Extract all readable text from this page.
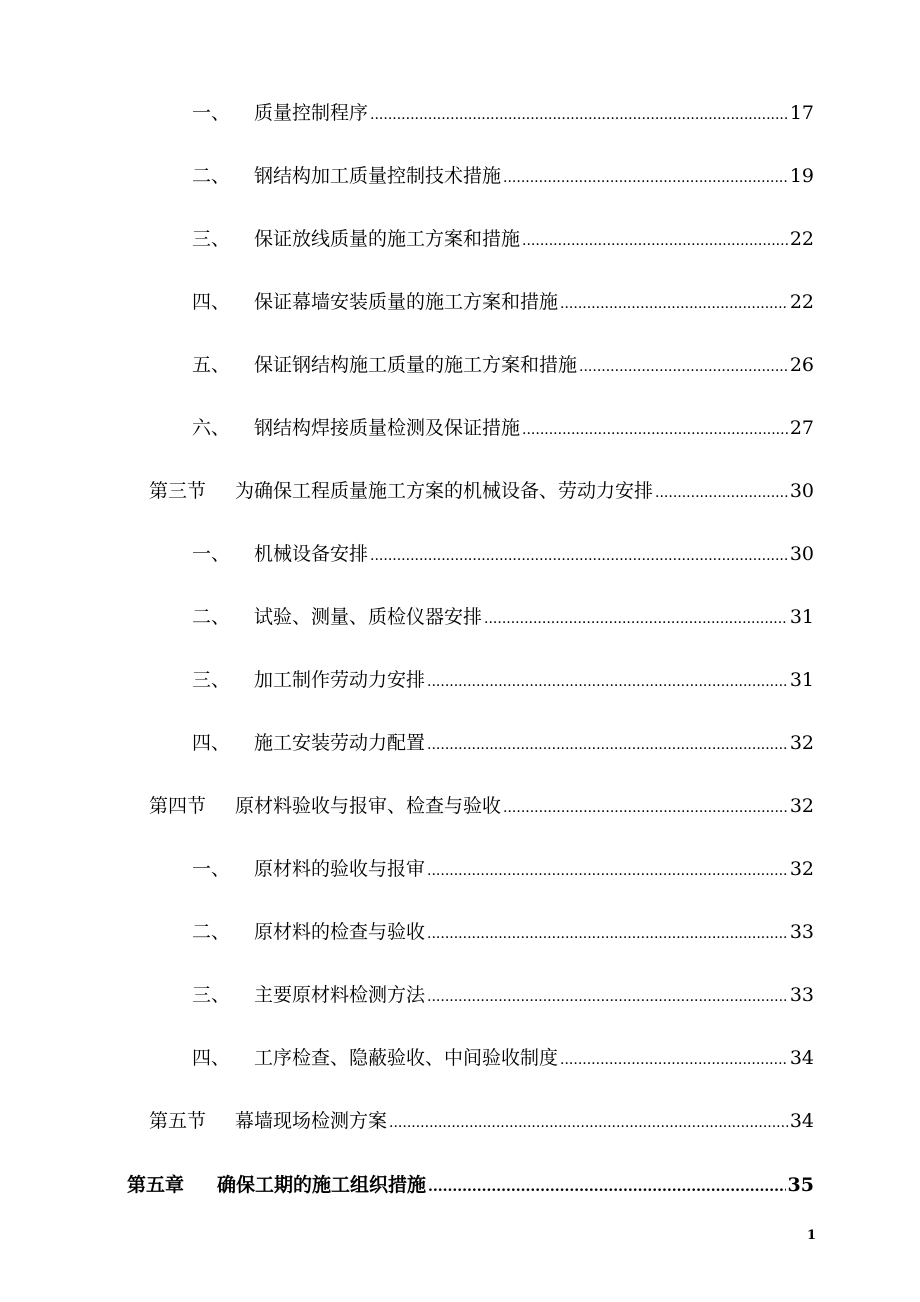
一、	质量控制程序 .....	17
二、	钢结构加工质量控制技术措施 .....	19
三、	保证放线质量的施工方案和措施 .....	22
四、	保证幕墙安装质量的施工方案和措施 .....	22
五、	保证钢结构施工质量的施工方案和措施 .....	26
六、	钢结构焊接质量检测及保证措施 .....	27
第三节	为确保工程质量施工方案的机械设备、劳动力安排 .....	30
一、	机械设备安排 .....	30
二、	试验、测量、质检仪器安排 .....	31
三、	加工制作劳动力安排 .....	31
四、	施工安装劳动力配置 .....	32
第四节	原材料验收与报审、检查与验收 .....	32
一、	原材料的验收与报审 .....	32
二、	原材料的检查与验收 .....	33
三、	主要原材料检测方法 .....	33
四、	工序检查、隐蔽验收、中间验收制度 .....	34
第五节	幕墙现场检测方案 .....	34
第五章	确保工期的施工组织措施 .....	35
1
